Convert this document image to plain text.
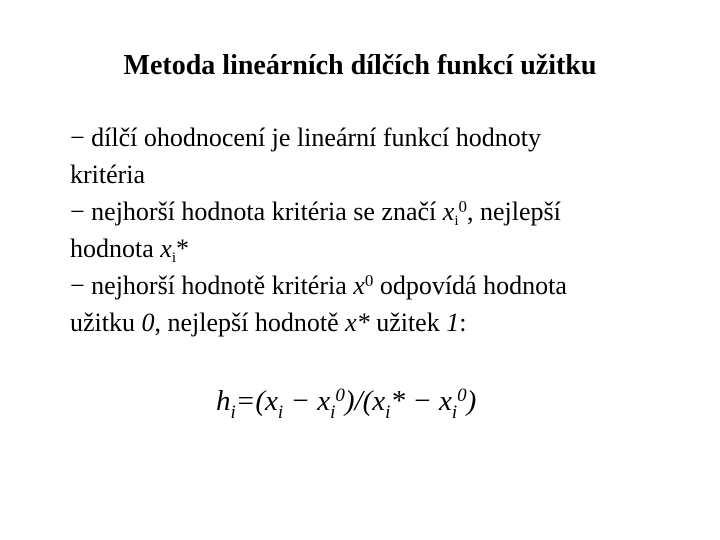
Metoda lineárních dílčích funkcí užitku
− dílčí ohodnocení je lineární funkcí hodnoty
kritéria
− nejhorší hodnota kritéria se značí $x_i^0$, nejlepší
hodnota $x_i*$
− nejhorší hodnotě kritéria $x^0$ odpovídá hodnota
užitku 0, nejlepší hodnotě x* užitek 1:
$h_i=(x_i - x_i^0)/(x_i* - x_i^0)$
